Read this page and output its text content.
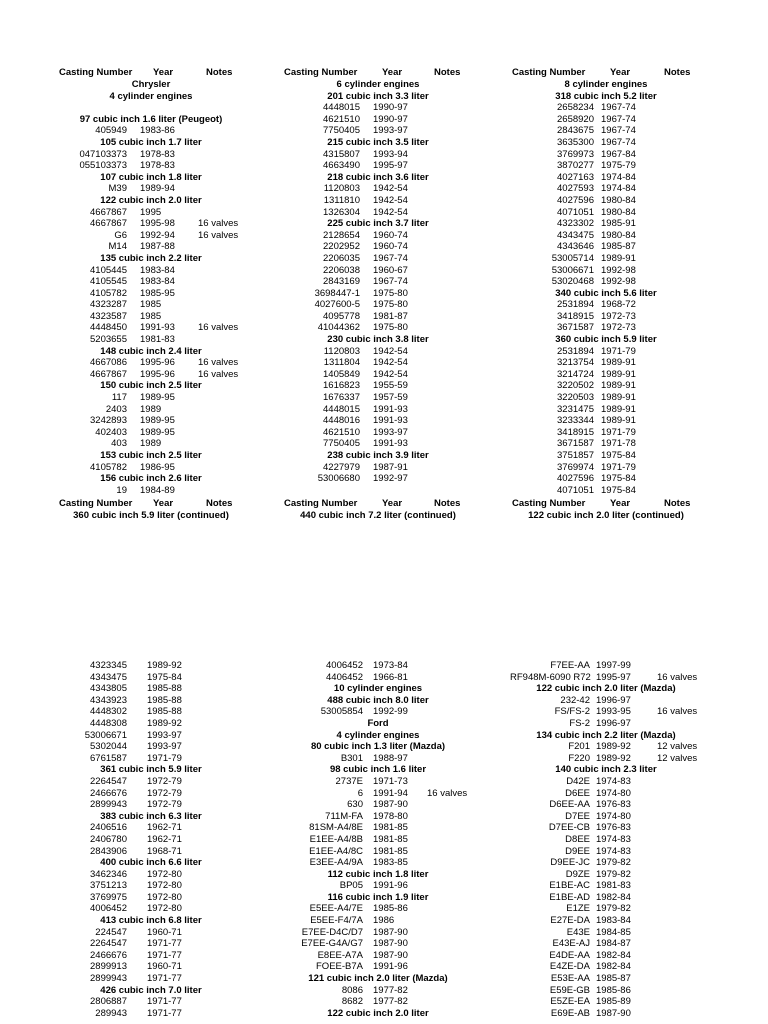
Casting Number Year	Notes
Chrysler
4 cylinder engines
97 cubic inch 1.6 liter (Peugeot)
405949 1983-86
105 cubic inch 1.7 liter
047103373 1978-83
055103373 1978-83
107 cubic inch 1.8 liter
M39 1989-94
122 cubic inch 2.0 liter
4667867 1995
4667867 1995-98 16 valves
G6 1992-94 16 valves
M14 1987-88
135 cubic inch 2.2 liter
4105445 1983-84
4105545 1983-84
4105782 1985-95
4323287 1985
4323587 1985
4448450 1991-93 16 valves
5203655 1981-83
148 cubic inch 2.4 liter
4667086 1995-96 16 valves
4667867 1995-96 16 valves
150 cubic inch 2.5 liter
117 1989-95
2403 1989
3242893 1989-95
402403 1989-95
403 1989
153 cubic inch 2.5 liter
4105782 1986-95
156 cubic inch 2.6 liter
19 1984-89
Casting Number	Year	Notes
6 cylinder engines
201 cubic inch 3.3 liter
4448015 1990-97
4621510 1990-97
7750405 1993-97
215 cubic inch 3.5 liter
4315807 1993-94
4663490 1995-97
218 cubic inch 3.6 liter
1120803 1942-54
1311810 1942-54
1326304 1942-54
225 cubic inch 3.7 liter
2128654 1960-74
2202952 1960-74
2206035 1967-74
2206038 1960-67
2843169 1967-74
3698447-1 1975-80
4027600-5 1975-80
4095778 1981-87
41044362 1975-80
230 cubic inch 3.8 liter
1120803 1942-54
1311804 1942-54
1405849 1942-54
1616823 1955-59
1676337 1957-59
4448015 1991-93
4448016 1991-93
4621510 1993-97
7750405 1991-93
238 cubic inch 3.9 liter
4227979 1987-91
53006680 1992-97
Casting Number	Year	Notes
8 cylinder engines
318 cubic inch 5.2 liter
2658234 1967-74
2658920 1967-74
2843675 1967-74
3635300 1967-74
3769973 1967-84
3870277 1975-79
4027163 1974-84
4027593 1974-84
4027596 1980-84
4071051 1980-84
4323302 1985-91
4343475 1980-84
4343646 1985-87
53005714 1989-91
53006671 1992-98
53020468 1992-98
340 cubic inch 5.6 liter
2531894 1968-72
3418915 1972-73
3671587 1972-73
360 cubic inch 5.9 liter
2531894 1971-79
3213754 1989-91
3214724 1989-91
3220502 1989-91
3220503 1989-91
3231475 1989-91
3233344 1989-91
3418915 1971-79
3671587 1971-78
3751857 1975-84
3769974 1971-79
4027596 1975-84
4071051 1975-84
Casting Number Year	Notes
360 cubic inch 5.9 liter (continued)
Casting Number	Year	Notes
440 cubic inch 7.2 liter (continued)
Casting Number	Year	Notes
122 cubic inch 2.0 liter (continued)
4323345 1989-92
4343475 1975-84
4343805 1985-88
4343923 1985-88
4448302 1985-88
4448308 1989-92
53006671 1993-97
5302044 1993-97
6761587 1971-79
361 cubic inch 5.9 liter
2264547 1972-79
2466676 1972-79
2899943 1972-79
383 cubic inch 6.3 liter
2406516 1962-71
2406780 1962-71
2843906 1968-71
400 cubic inch 6.6 liter
3462346 1972-80
3751213 1972-80
3769975 1972-80
4006452 1972-80
413 cubic inch 6.8 liter
224547 1960-71
2264547 1971-77
2466676 1971-77
2899913 1960-71
2899943 1971-77
426 cubic inch 7.0 liter
2806887 1971-77
289943 1971-77
4006452 1973-84
4406452 1966-81
10 cylinder engines
488 cubic inch 8.0 liter
53005854 1992-99
Ford
4 cylinder engines
80 cubic inch 1.3 liter (Mazda)
B301 1988-97
98 cubic inch 1.6 liter
2737E 1971-73
6 1991-94 16 valves
630 1987-90
711M-FA 1978-80
81SM-A4/8E 1981-85
E1EE-A4/8B 1981-85
E1EE-A4/8C 1981-85
E3EE-A4/9A 1983-85
112 cubic inch 1.8 liter
BP05 1991-96
116 cubic inch 1.9 liter
E5EE-A4/7E 1985-86
E5EE-F4/7A 1986
E7EE-D4C/D7 1987-90
E7EE-G4A/G7 1987-90
E8EE-A7A 1987-90
FOEE-B7A 1991-96
121 cubic inch 2.0 liter (Mazda)
8086 1977-82
8682 1977-82
122 cubic inch 2.0 liter
F7EE-AA 1997-99
RF948M-6090 R72 1995-97	16 valves
122 cubic inch 2.0 liter (Mazda)
232-42 1996-97
FS/FS-2 1993-95	16 valves
FS-2 1996-97
134 cubic inch 2.2 liter (Mazda)
F201 1989-92	12 valves
F220 1989-92	12 valves
140 cubic inch 2.3 liter
D42E 1974-83
D6EE 1974-80
D6EE-AA 1976-83
D7EE 1974-80
D7EE-CB 1976-83
D8EE 1974-83
D9EE 1974-83
D9EE-JC 1979-82
D9ZE 1979-82
E1BE-AC 1981-83
E1BE-AD 1982-84
E1ZE 1979-82
E27E-DA 1983-84
E43E 1984-85
E43E-AJ 1984-87
E4DE-AA 1982-84
E4ZE-DA 1982-84
E53E-AA 1985-87
E59E-GB 1985-86
E5ZE-EA 1985-89
E69E-AB 1987-90
